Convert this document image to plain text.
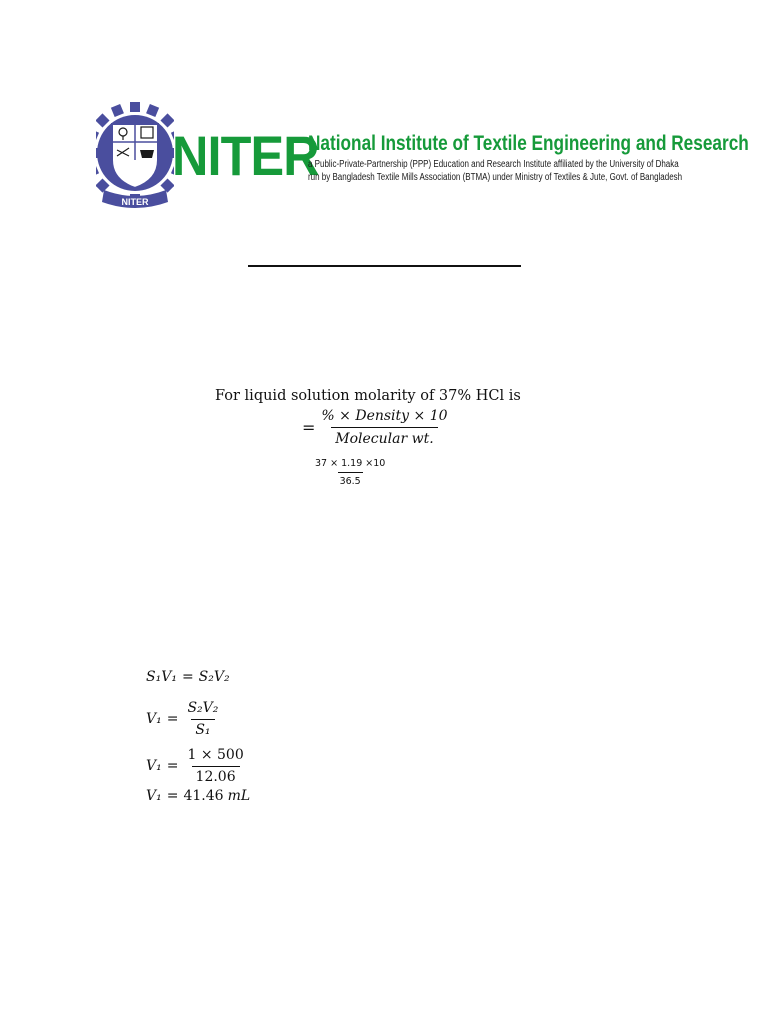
NITER
NITER
National Institute of Textile Engineering and Research
a Public-Private-Partnership (PPP) Education and Research Institute affiliated by the University of Dhaka
run by Bangladesh Textile Mills Association (BTMA) under Ministry of Textiles & Jute, Govt. of Bangladesh
For liquid solution molarity of 37% HCl is
= $\frac{\text{\% × Density × 10}}{\text{Molecular wt.}}$
$\frac{37 \times 1.19 \times 10}{36.5}$
S₁V₁ = S₂V₂
$V_1 = \frac{\text{S₂V₂}}{\text{S₁}}$
$V_1 = \frac{1 \times 500}{12.06}$
V₁ = 41.46 mL
